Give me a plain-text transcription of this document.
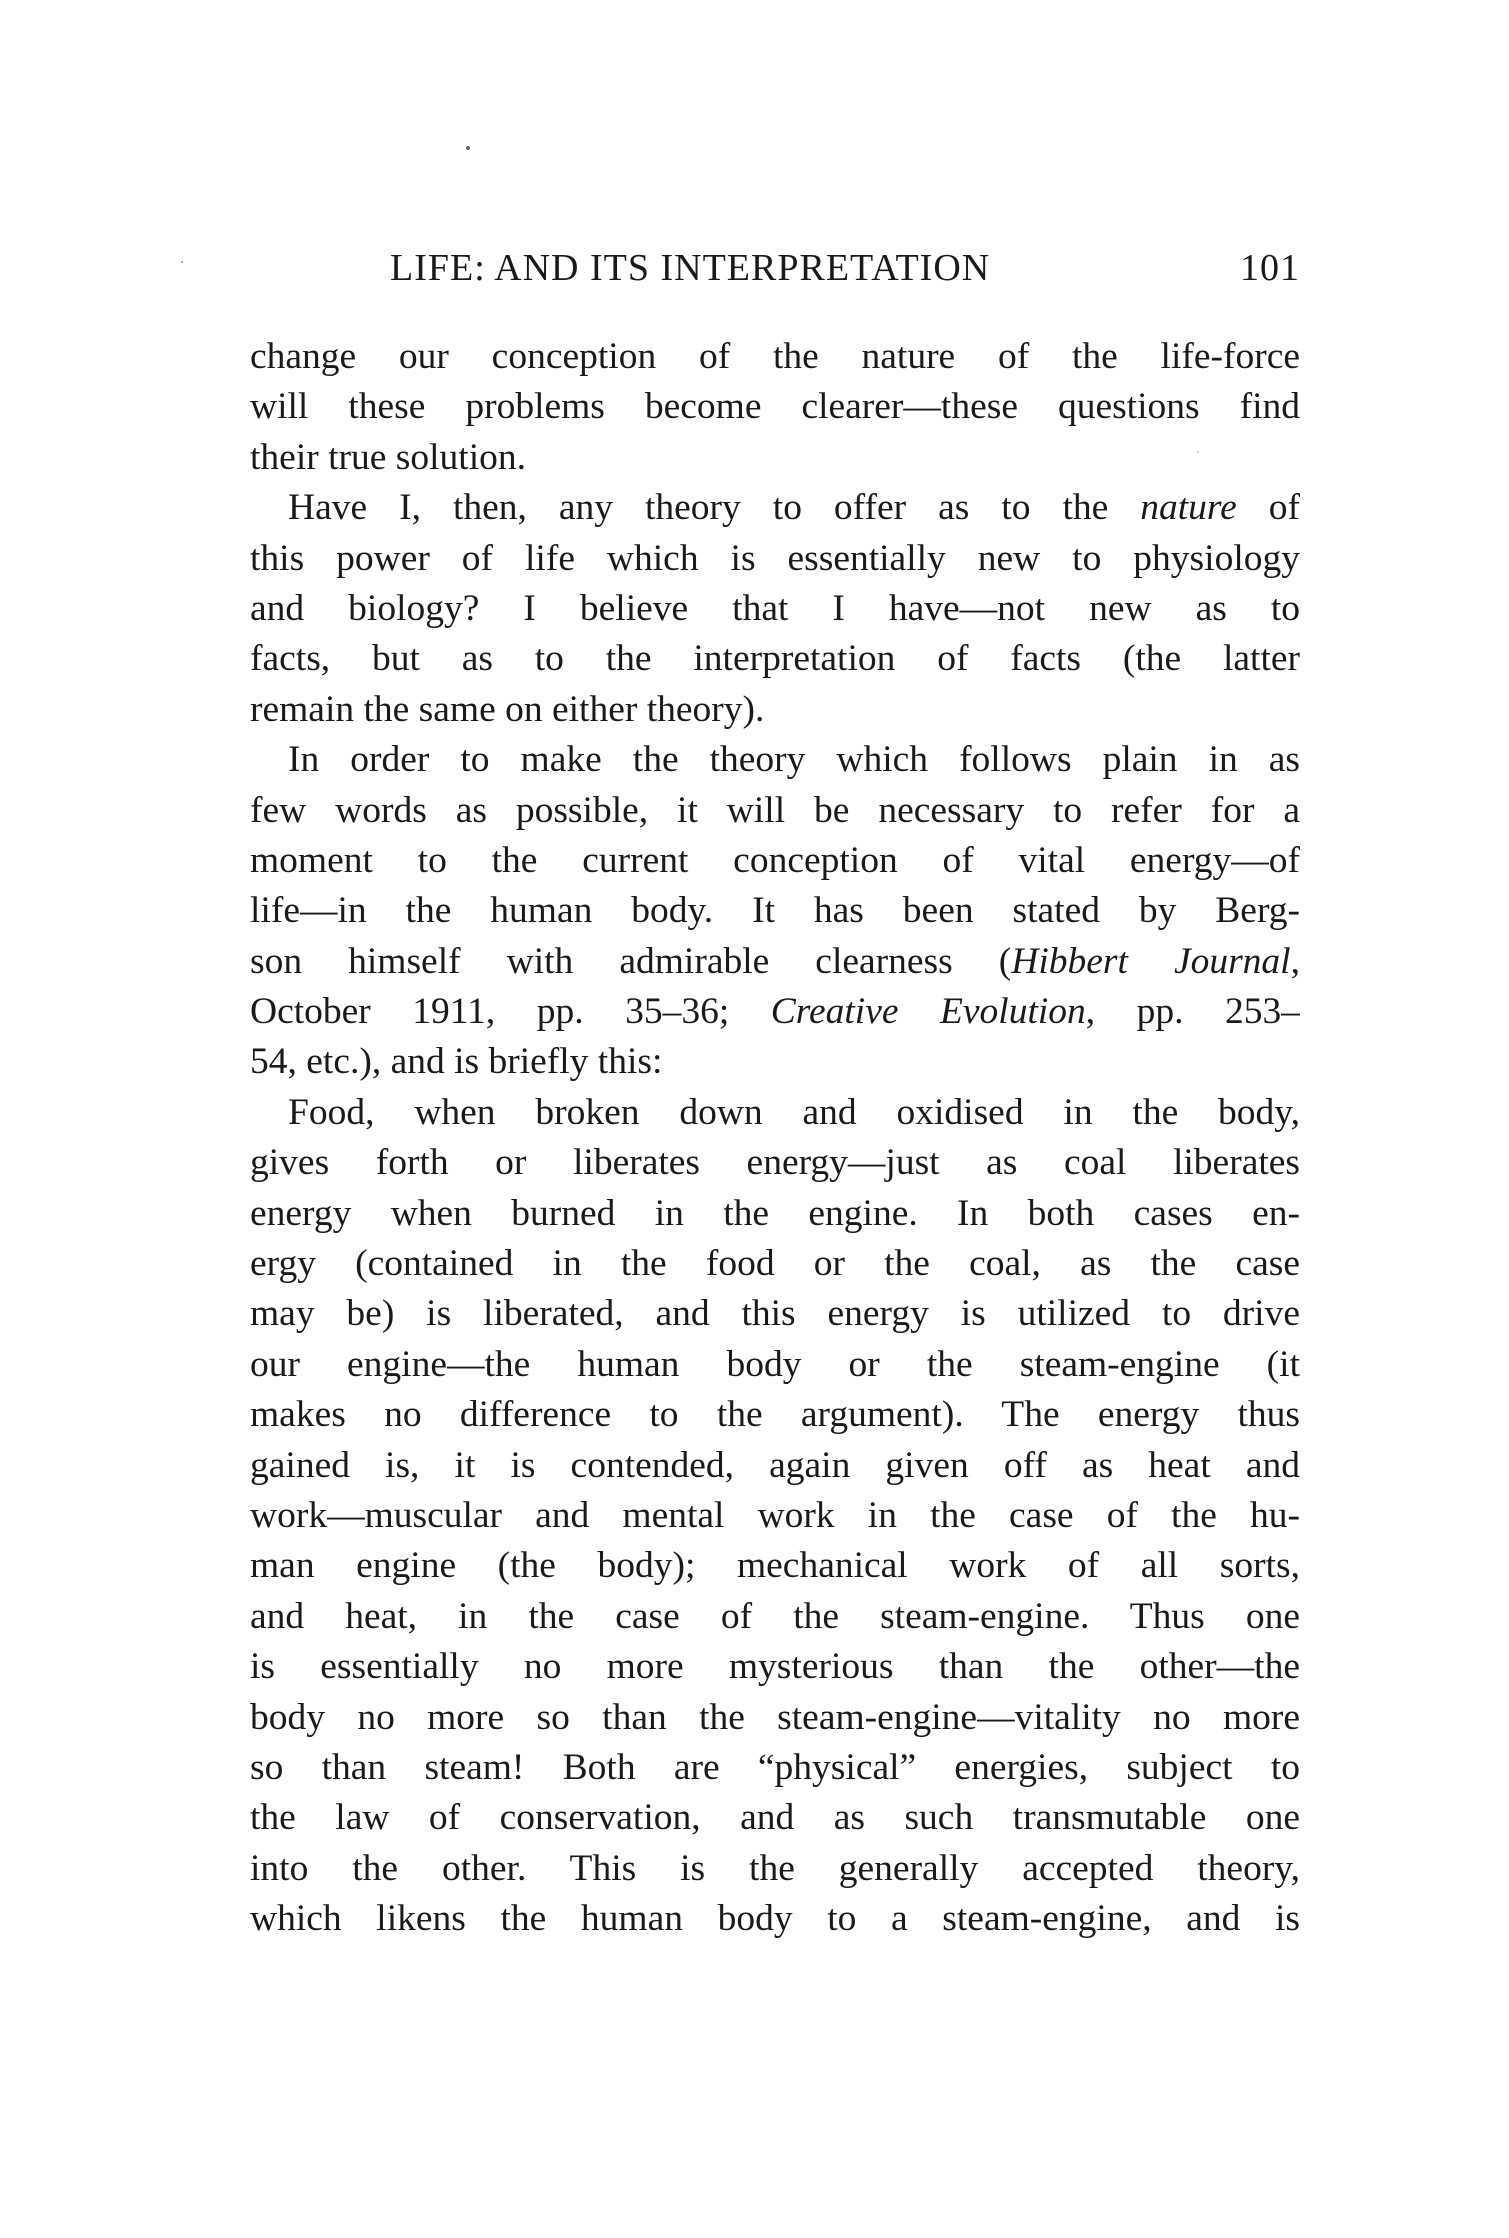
LIFE: AND ITS INTERPRETATION	101
change our conception of the nature of the life-force
will these problems become clearer—these questions find
their true solution.
Have I, then, any theory to offer as to the nature of
this power of life which is essentially new to physiology
and biology? I believe that I have—not new as to
facts, but as to the interpretation of facts (the latter
remain the same on either theory).
In order to make the theory which follows plain in as
few words as possible, it will be necessary to refer for a
moment to the current conception of vital energy—of
life—in the human body. It has been stated by Berg-
son himself with admirable clearness (Hibbert Journal,
October 1911, pp. 35–36; Creative Evolution, pp. 253–
54, etc.), and is briefly this:
Food, when broken down and oxidised in the body,
gives forth or liberates energy—just as coal liberates
energy when burned in the engine. In both cases en-
ergy (contained in the food or the coal, as the case
may be) is liberated, and this energy is utilized to drive
our engine—the human body or the steam-engine (it
makes no difference to the argument). The energy thus
gained is, it is contended, again given off as heat and
work—muscular and mental work in the case of the hu-
man engine (the body); mechanical work of all sorts,
and heat, in the case of the steam-engine. Thus one
is essentially no more mysterious than the other—the
body no more so than the steam-engine—vitality no more
so than steam! Both are “physical” energies, subject to
the law of conservation, and as such transmutable one
into the other. This is the generally accepted theory,
which likens the human body to a steam-engine, and is
